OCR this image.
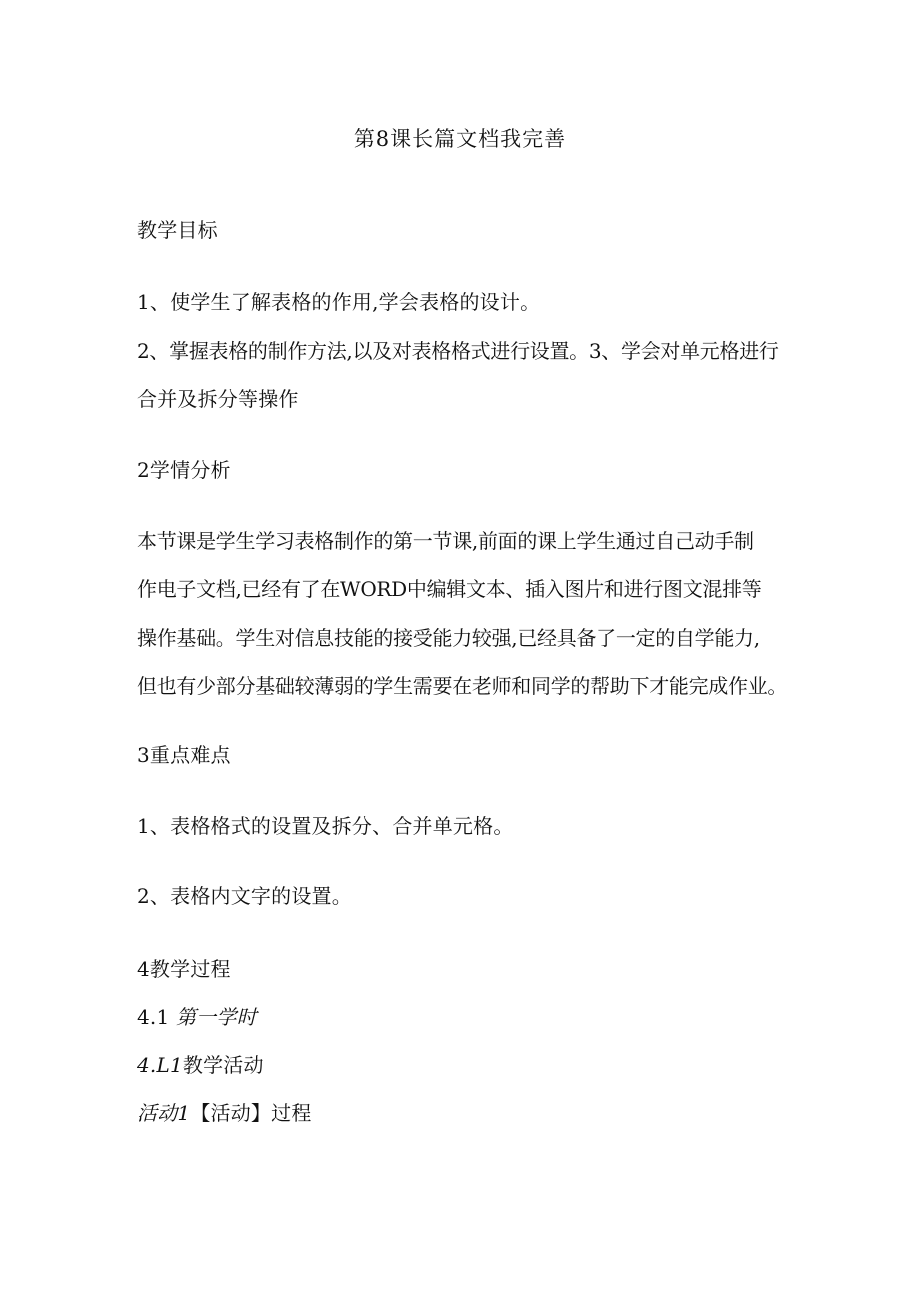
第8课长篇文档我完善
教学目标
1、使学生了解表格的作用,学会表格的设计。
2、掌握表格的制作方法,以及对表格格式进行设置。3、学会对单元格进行
合并及拆分等操作
2学情分析
本节课是学生学习表格制作的第一节课,前面的课上学生通过自己动手制
作电子文档,已经有了在WORD中编辑文本、插入图片和进行图文混排等
操作基础。学生对信息技能的接受能力较强,已经具备了一定的自学能力,
但也有少部分基础较薄弱的学生需要在老师和同学的帮助下才能完成作业。
3重点难点
1、表格格式的设置及拆分、合并单元格。
2、表格内文字的设置。
4教学过程
4.1 第一学时
4.L1教学活动
活动1【活动】过程
